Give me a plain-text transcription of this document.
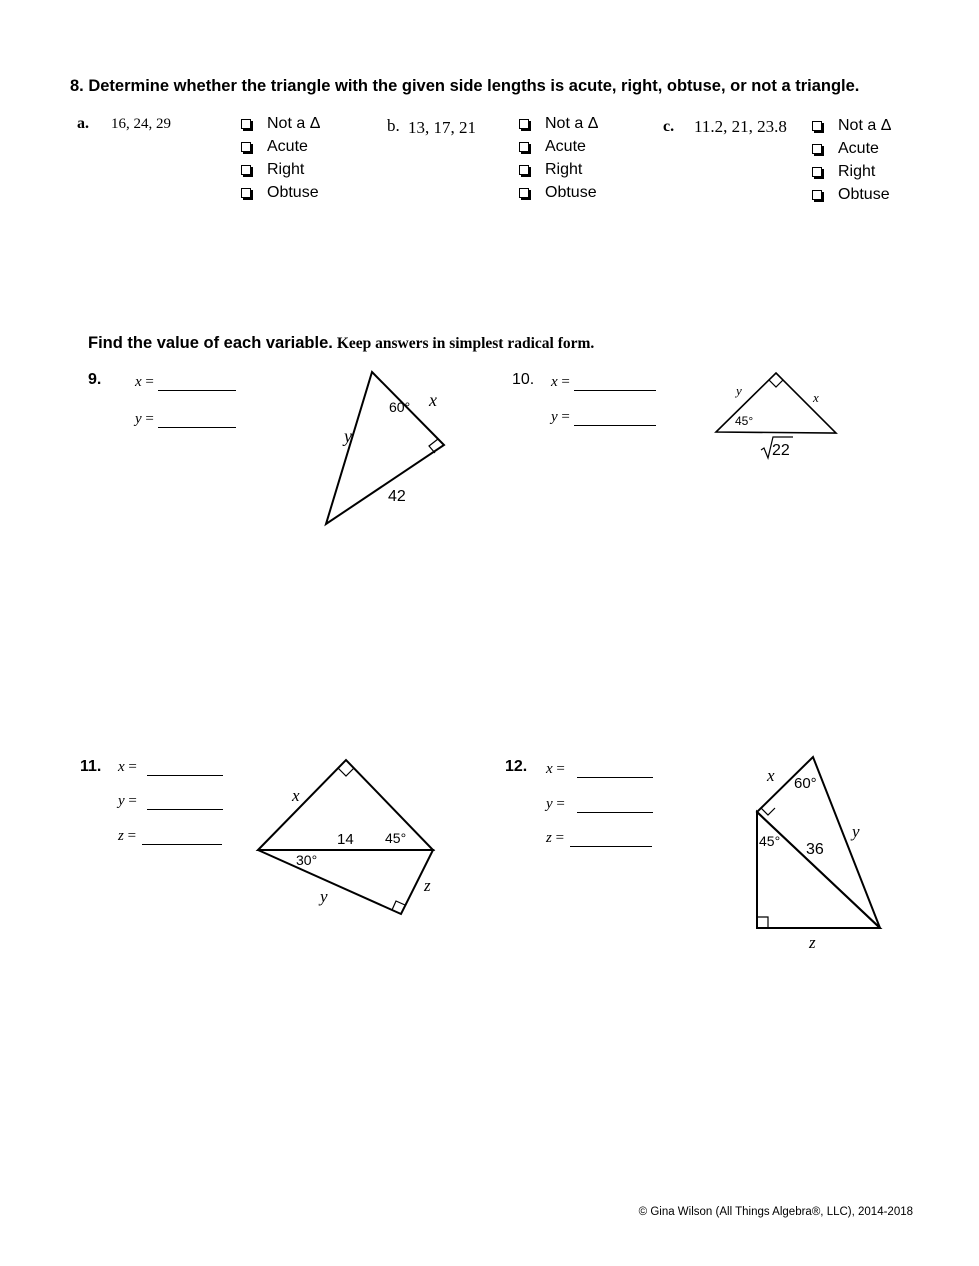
8. Determine whether the triangle with the given side lengths is acute, right, obtuse, or not a triangle.
a. 16, 24, 29	Not a Δ
Acute
Right
Obtuse
b. 13, 17, 21	Not a Δ
Acute
Right
Obtuse
c. 11.2, 21, 23.8	Not a Δ
Acute
Right
Obtuse
Find the value of each variable. Keep answers in simplest radical form.
9. x =
y =
60° x
y
42
10. x =
y =
y	x
45°
22
11. x =
y =
z =
x
14 45°
30°
y
z
12. x =
y =
z =
x 60°
45° 36
y
z
© Gina Wilson (All Things Algebra®, LLC), 2014-2018
